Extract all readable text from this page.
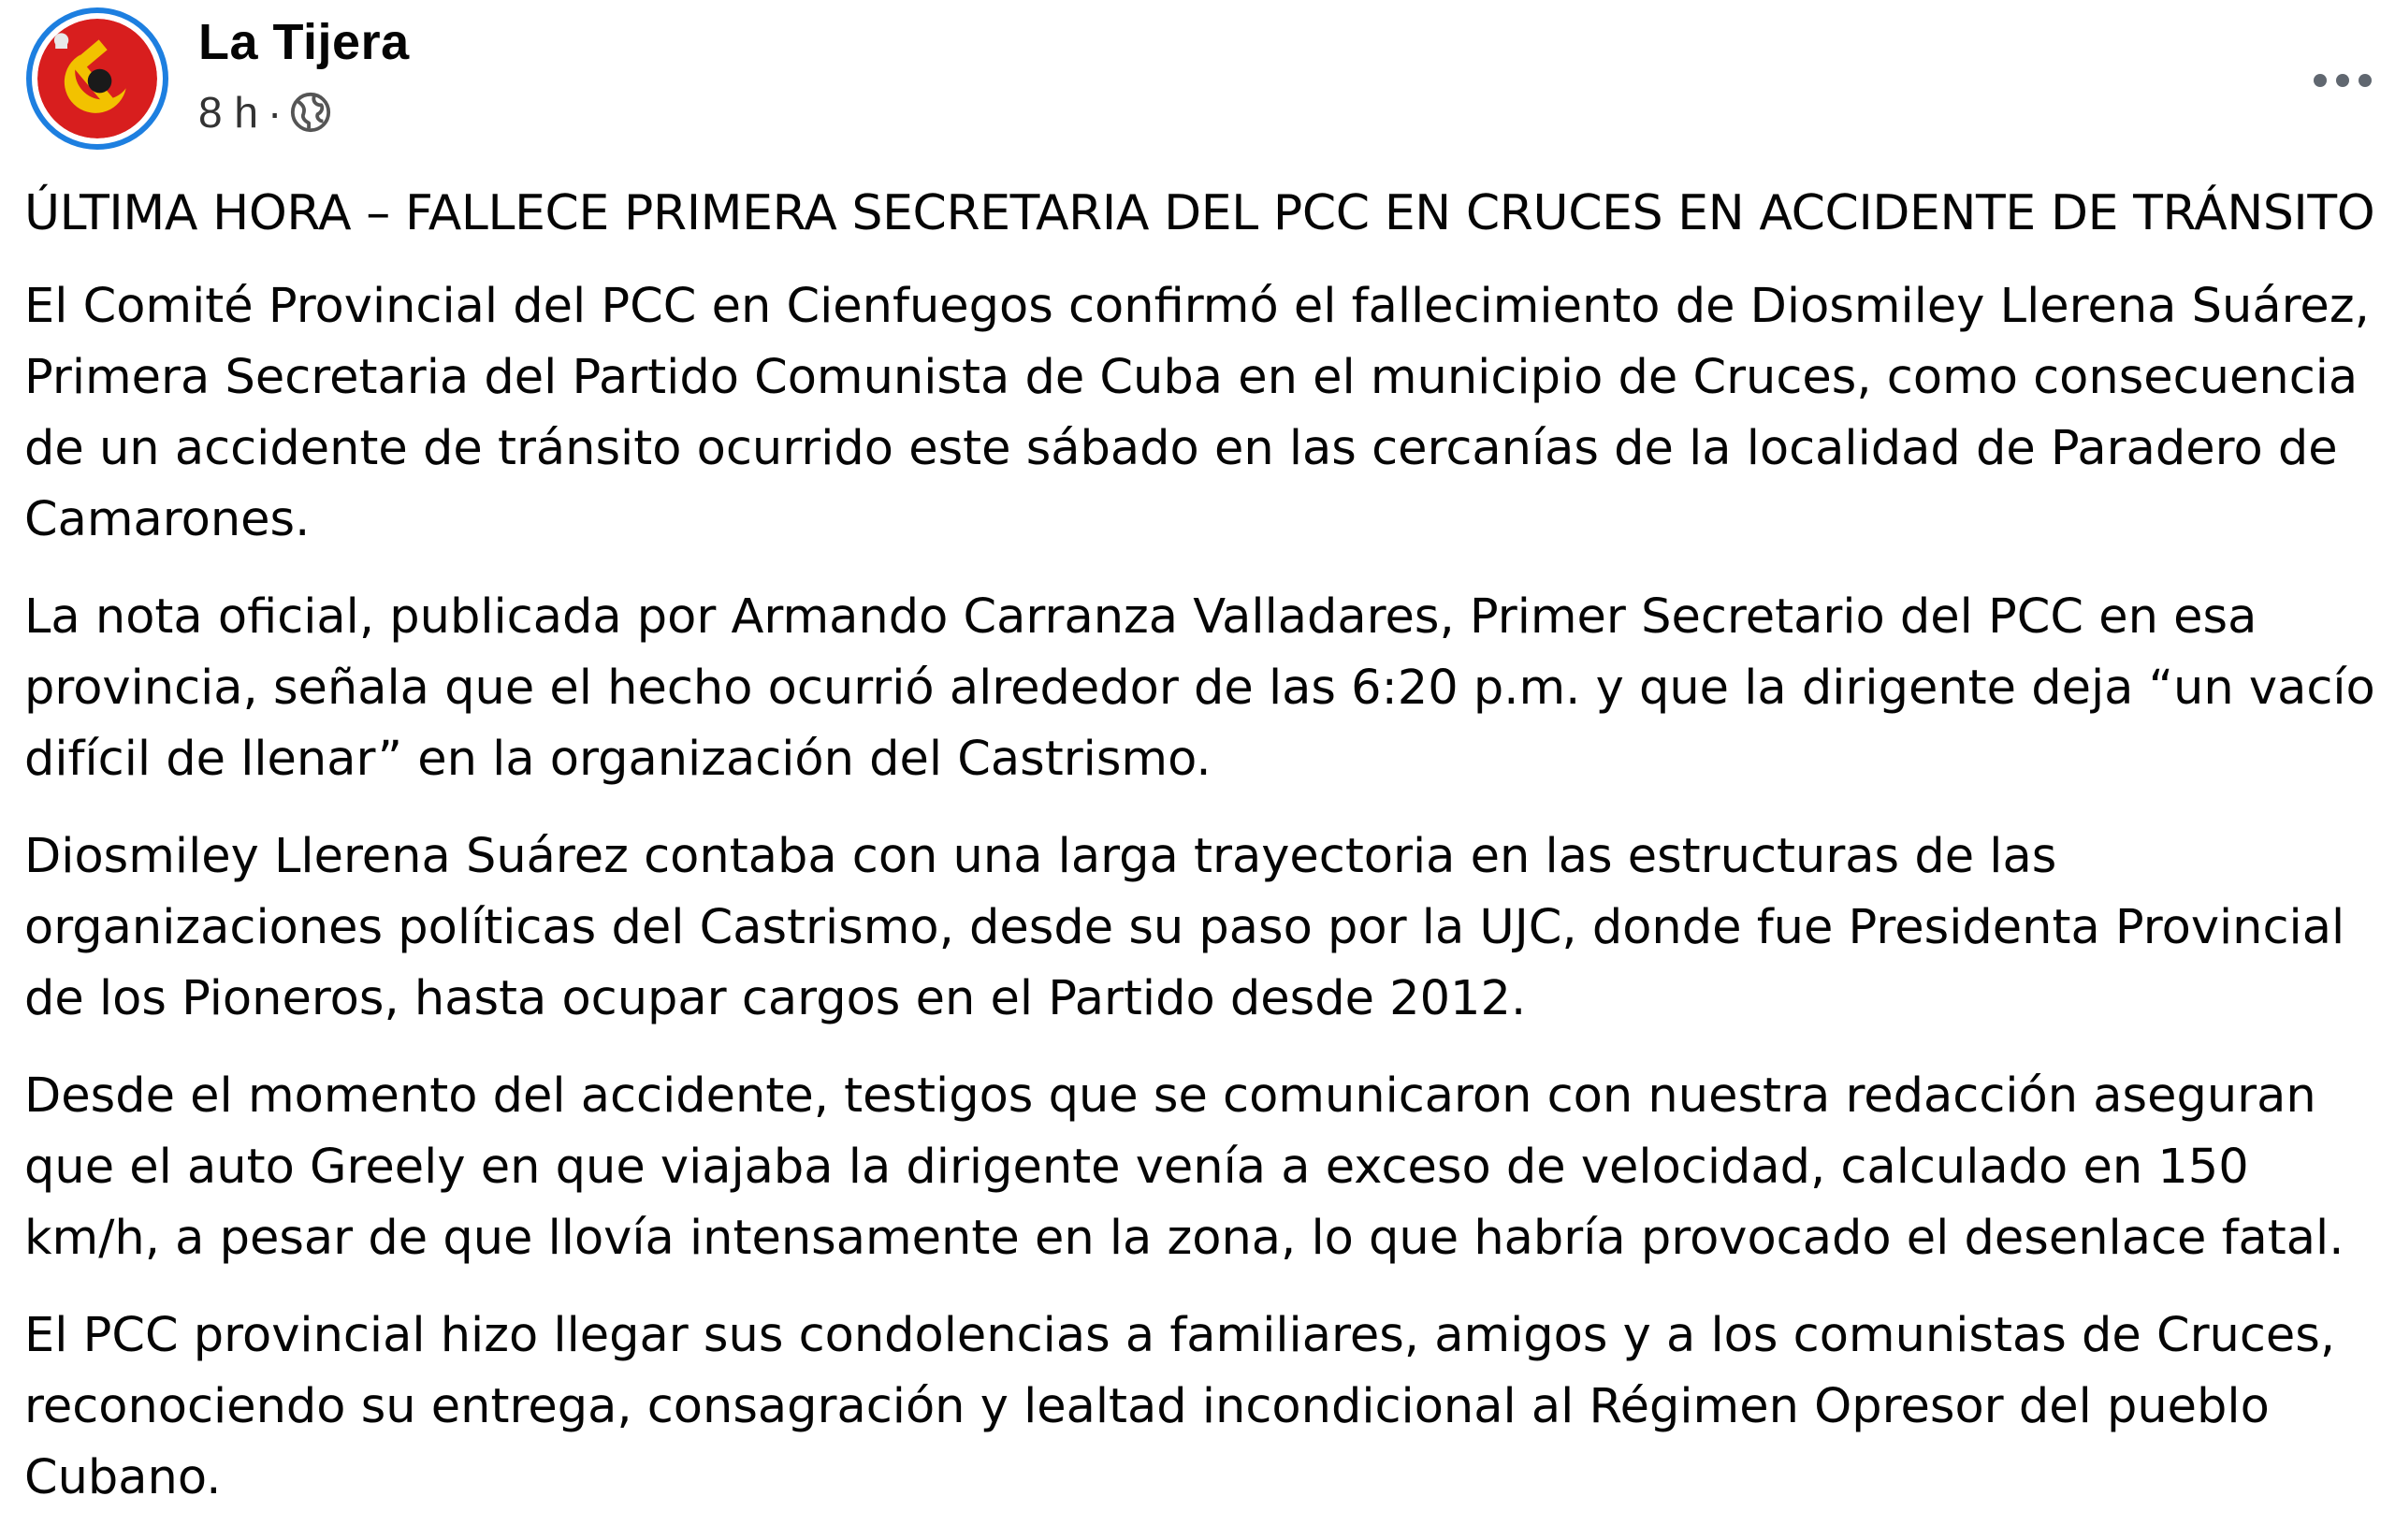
La Tijera
8 h ·

ÚLTIMA HORA – FALLECE PRIMERA SECRETARIA DEL PCC EN CRUCES EN ACCIDENTE DE TRÁNSITO

El Comité Provincial del PCC en Cienfuegos confirmó el fallecimiento de Diosmiley Llerena Suárez, Primera Secretaria del Partido Comunista de Cuba en el municipio de Cruces, como consecuencia de un accidente de tránsito ocurrido este sábado en las cercanías de la localidad de Paradero de Camarones.

La nota oficial, publicada por Armando Carranza Valladares, Primer Secretario del PCC en esa provincia, señala que el hecho ocurrió alrededor de las 6:20 p.m. y que la dirigente deja “un vacío difícil de llenar” en la organización del Castrismo.

Diosmiley Llerena Suárez contaba con una larga trayectoria en las estructuras de las organizaciones políticas del Castrismo, desde su paso por la UJC, donde fue Presidenta Provincial de los Pioneros, hasta ocupar cargos en el Partido desde 2012.

Desde el momento del accidente, testigos que se comunicaron con nuestra redacción aseguran que el auto Greely en que viajaba la dirigente venía a exceso de velocidad, calculado en 150 km/h, a pesar de que llovía intensamente en la zona, lo que habría provocado el desenlace fatal.

El PCC provincial hizo llegar sus condolencias a familiares, amigos y a los comunistas de Cruces, reconociendo su entrega, consagración y lealtad incondicional al Régimen Opresor del pueblo Cubano.
